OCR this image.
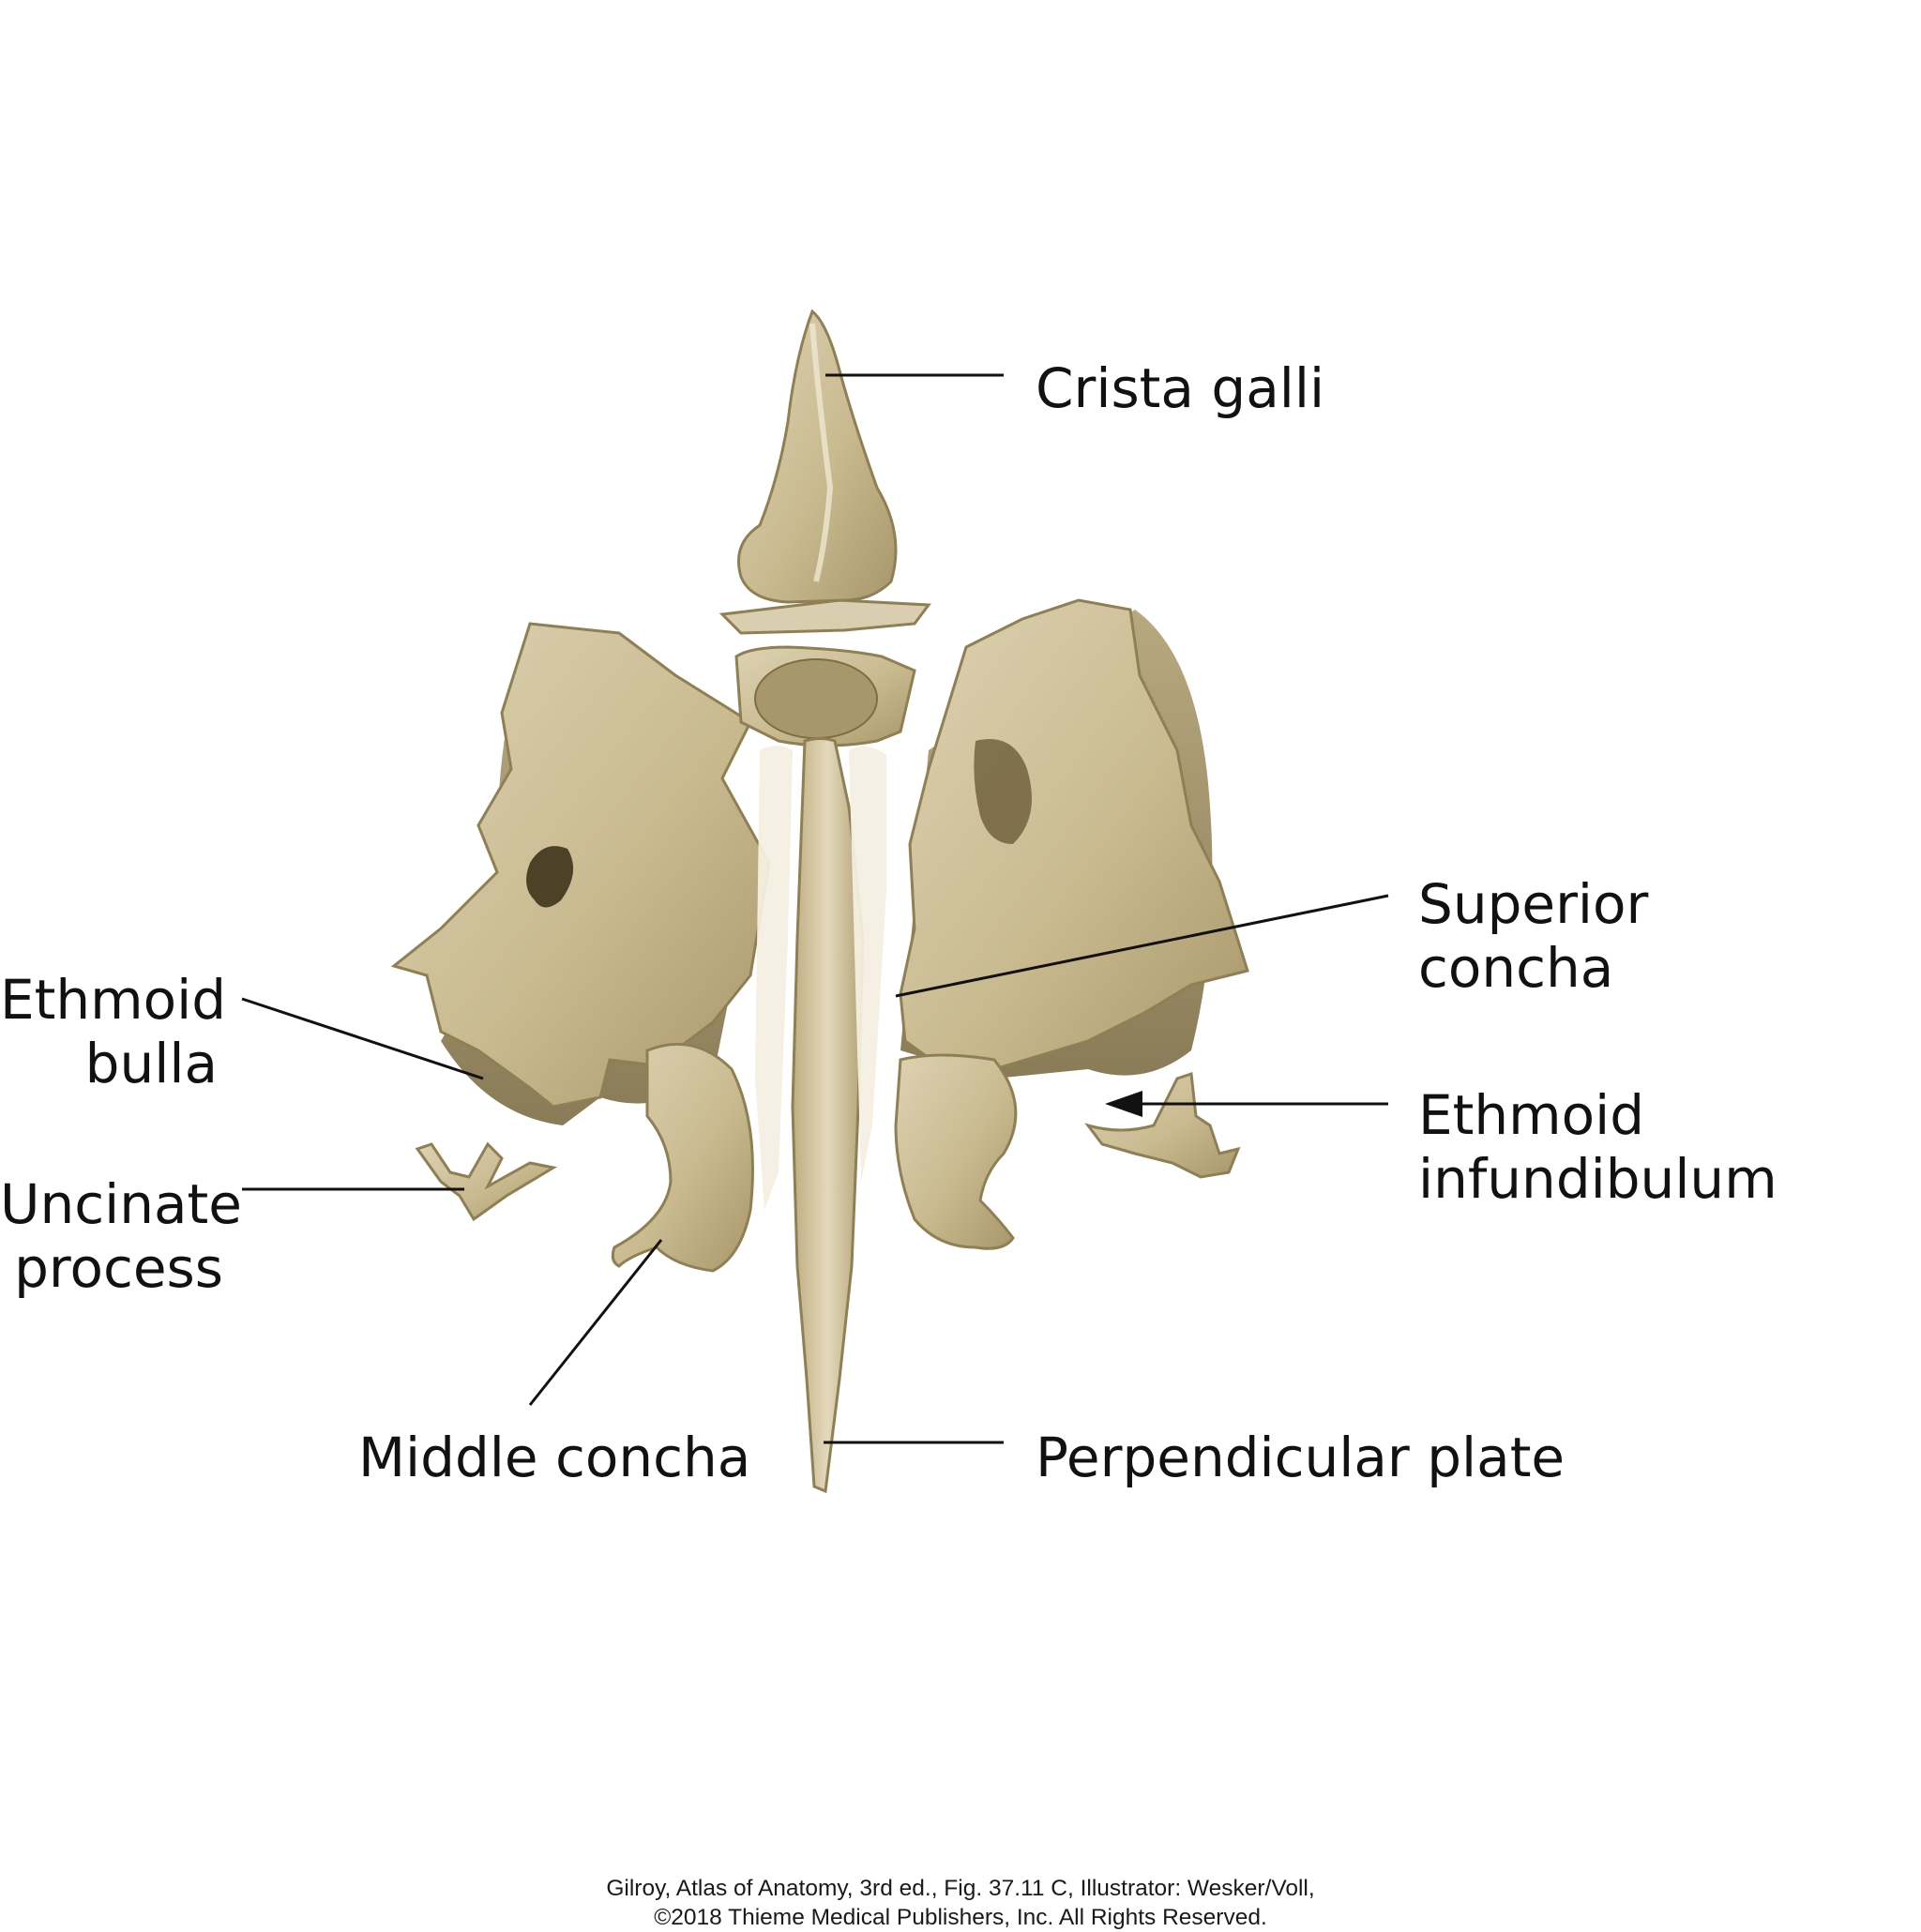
Crista galli
Superior
concha
Ethmoid
bulla
Ethmoid
infundibulum
Uncinate
process
Middle concha	Perpendicular plate
Gilroy, Atlas of Anatomy, 3rd ed., Fig. 37.11 C, Illustrator: Wesker/Voll,
©2018 Thieme Medical Publishers, Inc. All Rights Reserved.
